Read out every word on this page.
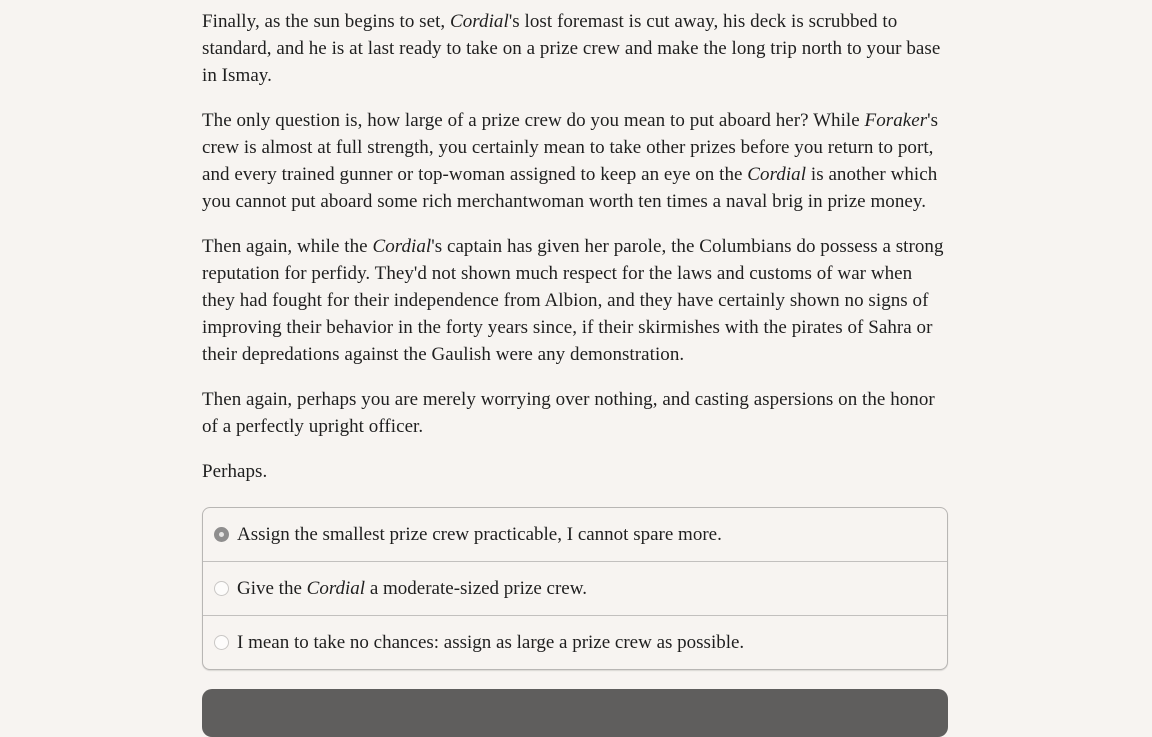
Finally, as the sun begins to set, Cordial's lost foremast is cut away, his deck is scrubbed to standard, and he is at last ready to take on a prize crew and make the long trip north to your base in Ismay.

The only question is, how large of a prize crew do you mean to put aboard her? While Foraker's crew is almost at full strength, you certainly mean to take other prizes before you return to port, and every trained gunner or top-woman assigned to keep an eye on the Cordial is another which you cannot put aboard some rich merchantwoman worth ten times a naval brig in prize money.

Then again, while the Cordial's captain has given her parole, the Columbians do possess a strong reputation for perfidy. They'd not shown much respect for the laws and customs of war when they had fought for their independence from Albion, and they have certainly shown no signs of improving their behavior in the forty years since, if their skirmishes with the pirates of Sahra or their depredations against the Gaulish were any demonstration.

Then again, perhaps you are merely worrying over nothing, and casting aspersions on the honor of a perfectly upright officer.

Perhaps.

Assign the smallest prize crew practicable, I cannot spare more.
Give the Cordial a moderate-sized prize crew.
I mean to take no chances: assign as large a prize crew as possible.
